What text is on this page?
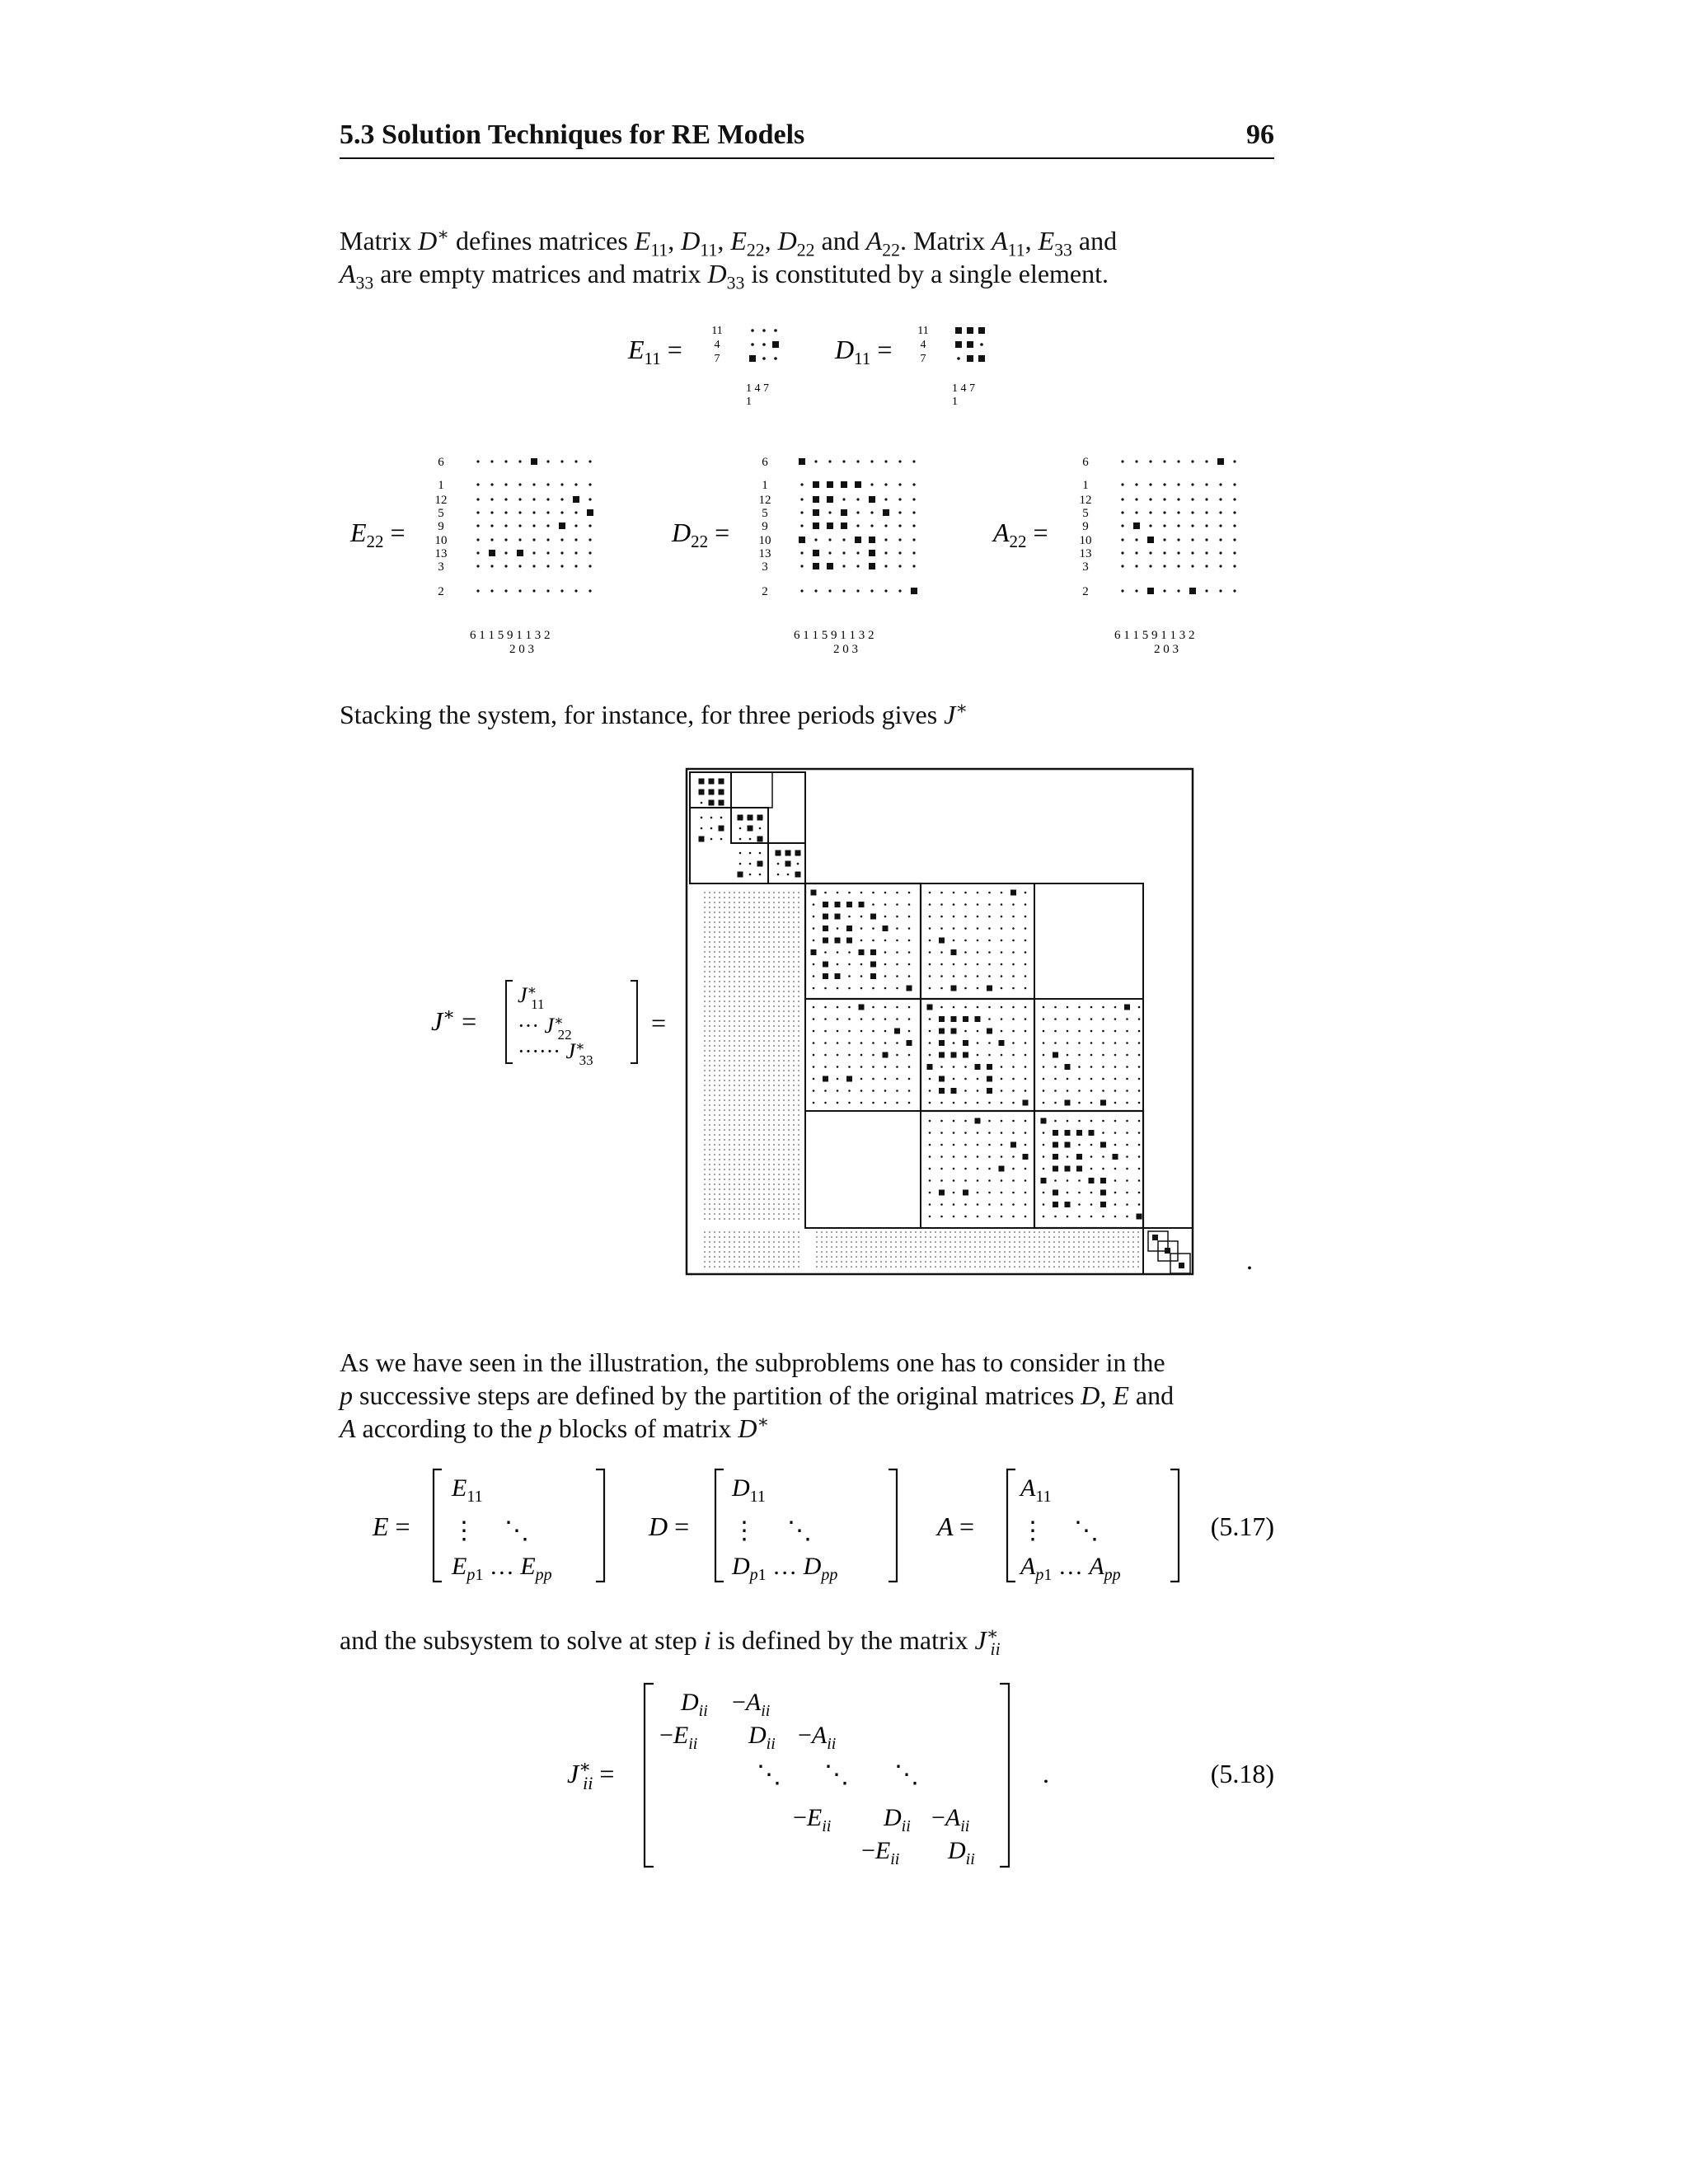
5.3 Solution Techniques for RE Models	96
Matrix D∗ defines matrices $E_{11}$, $D_{11}$, $E_{22}$, $D_{22}$ and $A_{22}$. Matrix $A_{11}$, $E_{33}$ and
$A_{33}$ are empty matrices and matrix $D_{33}$ is constituted by a single element.
$E_{11}$ =
11
4
7
1 4 7
1
$D_{11}$ =
11
4
7
1 4 7
1
$E_{22}$ =	$D_{22}$ =	$A_{22}$ =
6
1
12
5
9
10
13
3
2
6 1 1 5 9 1 1 3 2
2 0 3
6
1
12
5
9
10
13
3
2
6 1 1 5 9 1 1 3 2
2 0 3
6
1
12
5
9
10
13
3
2
6 1 1 5 9 1 1 3 2
2 0 3
Stacking the system, for instance, for three periods gives J∗
J∗ =
J∗ 11
··· J∗ 22
······ J∗ 33
=
.
As we have seen in the illustration, the subproblems one has to consider in the
p successive steps are defined by the partition of the original matrices D, E and
A according to the p blocks of matrix D∗
E =
$E_{11}$
⋮ ⋱
$E_p1$ … $E_{pp}$
D =
$D_{11}$
⋮ ⋱
$D_p1$ … $D_{pp}$
A =
$A_{11}$
⋮ ⋱
$A_p1$ … $A_{pp}$
(5.17)
and the subsystem to solve at step i is defined by the matrix $J^∗_{ii}$
J∗ ii =
$D_{ii} -A_{ii}$
$-E_{ii}$ $D_{ii} -A_{ii}$
⋱ ⋱ ⋱
$-E_{ii}$ $D_{ii} -A_{ii}$
$-E_{ii}$ $D_{ii}$
.	(5.18)
